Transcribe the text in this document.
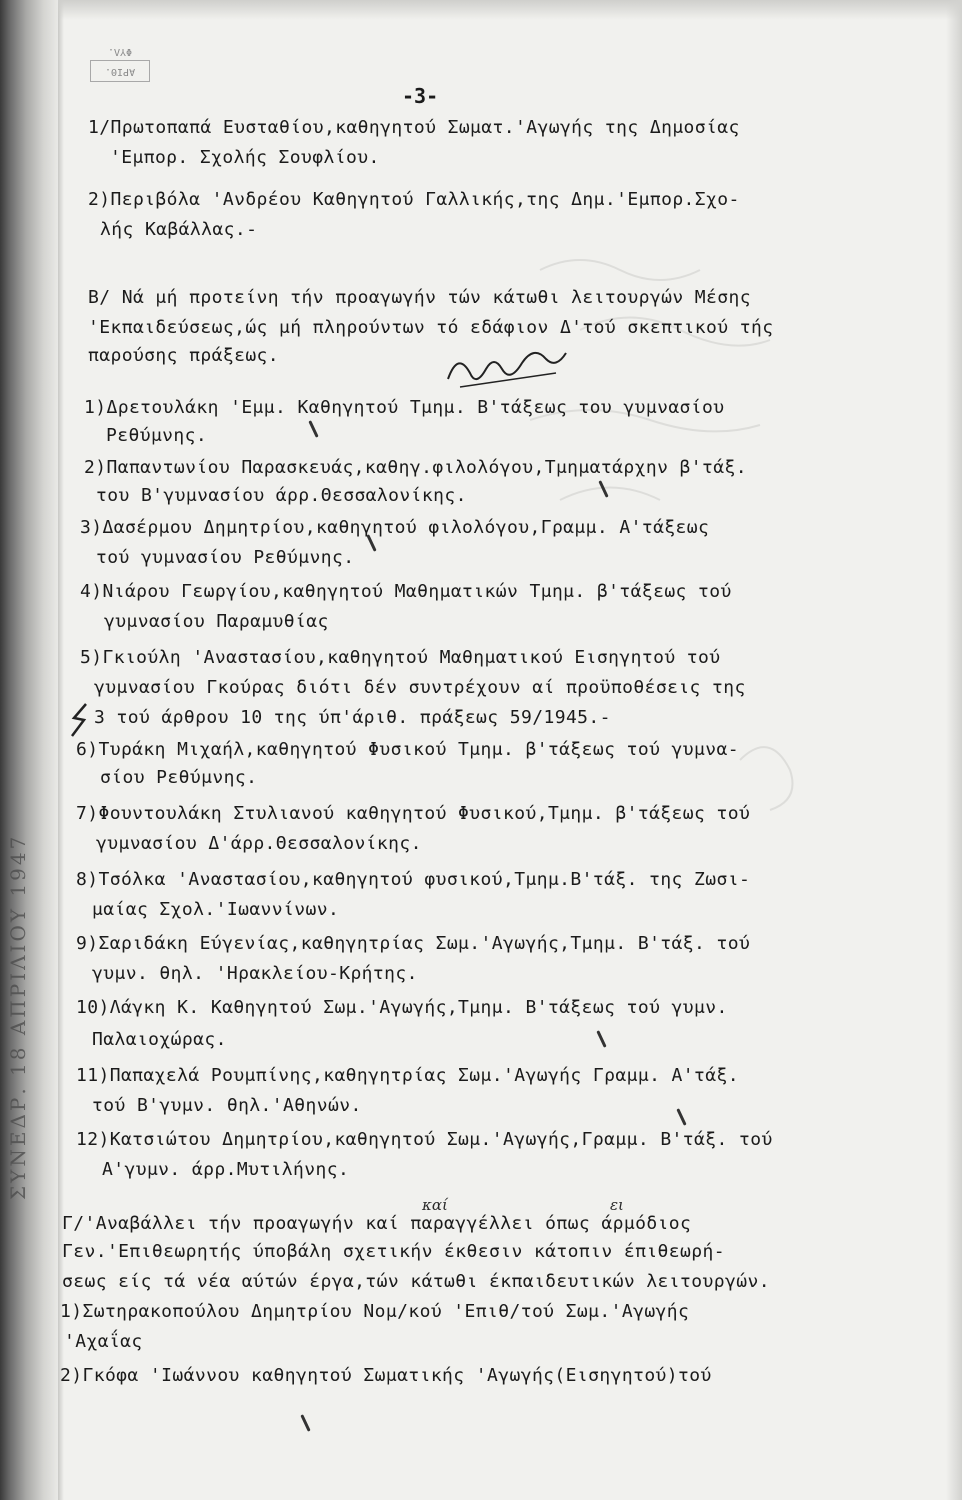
ΣΥΝΕΔΡ. 18 ΑΠΡΙΛΙΟΥ 1947
ΑΡΙΘ. ΦΥΛ.
-3-
1/Πρωτοπαπά Ευσταθίου,καθηγητού Σωματ.'Αγωγής της Δημοσίας
'Εμπορ. Σχολής Σουφλίου.
2)Περιβόλα 'Ανδρέου Καθηγητού Γαλλικής,της Δημ.'Εμπορ.Σχο-
λής Καβάλλας.-
B/ Νά μή προτείνη τήν προαγωγήν τών κάτωθι λειτουργών Μέσης
'Εκπαιδεύσεως,ώς μή πληρούντων τό εδάφιον Δ'τού σκεπτικού τής
παρούσης πράξεως.
1)Δρετουλάκη 'Εμμ. Καθηγητού Τμημ. Β'τάξεως του γυμνασίου
Ρεθύμνης.
2)Παπαντωνίου Παρασκευάς,καθηγ.φιλολόγου,Τμηματάρχην β'τάξ.
του Β'γυμνασίου άρρ.Θεσσαλονίκης.
3)Δασέρμου Δημητρίου,καθηγητού φιλολόγου,Γραμμ. Α'τάξεως
τού γυμνασίου Ρεθύμνης.
4)Νιάρου Γεωργίου,καθηγητού Μαθηματικών Τμημ. β'τάξεως τού
γυμνασίου Παραμυθίας
5)Γκιούλη 'Αναστασίου,καθηγητού Μαθηματικού Εισηγητού τού
γυμνασίου Γκούρας διότι δέν συντρέχουν αί προϋποθέσεις της
3 τού άρθρου 10 της ύπ'άριθ. πράξεως 59/1945.-
6)Τυράκη Μιχαήλ,καθηγητού Φυσικού Τμημ. β'τάξεως τού γυμνα-
σίου Ρεθύμνης.
7)Φουντουλάκη Στυλιανού καθηγητού Φυσικού,Τμημ. β'τάξεως τού
γυμνασίου Δ'άρρ.Θεσσαλονίκης.
8)Τσόλκα 'Αναστασίου,καθηγητού φυσικού,Τμημ.Β'τάξ. της Ζωσι-
μαίας Σχολ.'Ιωαννίνων.
9)Σαριδάκη Εύγενίας,καθηγητρίας Σωμ.'Αγωγής,Τμημ. Β'τάξ. τού
γυμν. θηλ. 'Ηρακλείου-Κρήτης.
10)Λάγκη Κ. Καθηγητού Σωμ.'Αγωγής,Τμημ. Β'τάξεως τού γυμν.
Παλαιοχώρας.
11)Παπαχελά Ρουμπίνης,καθηγητρίας Σωμ.'Αγωγής Γραμμ. Α'τάξ.
τού Β'γυμν. θηλ.'Αθηνών.
12)Κατσιώτου Δημητρίου,καθηγητού Σωμ.'Αγωγής,Γραμμ. Β'τάξ. τού
Α'γυμν. άρρ.Μυτιλήνης.
Γ/'Αναβάλλει τήν προαγωγήν καί παραγγέλλει όπως άρμόδιος
Γεν.'Επιθεωρητής ύποβάλη σχετικήν έκθεσιν κάτοπιν έπιθεωρή-
σεως είς τά νέα αύτών έργα,τών κάτωθι έκπαιδευτικών λειτουργών.
1)Σωτηρακοπούλου Δημητρίου Νομ/κού 'Επιθ/τού Σωμ.'Αγωγής
'Αχαΐας
2)Γκόφα 'Ιωάννου καθηγητού Σωματικής 'Αγωγής(Εισηγητού)τού
καί	ει
